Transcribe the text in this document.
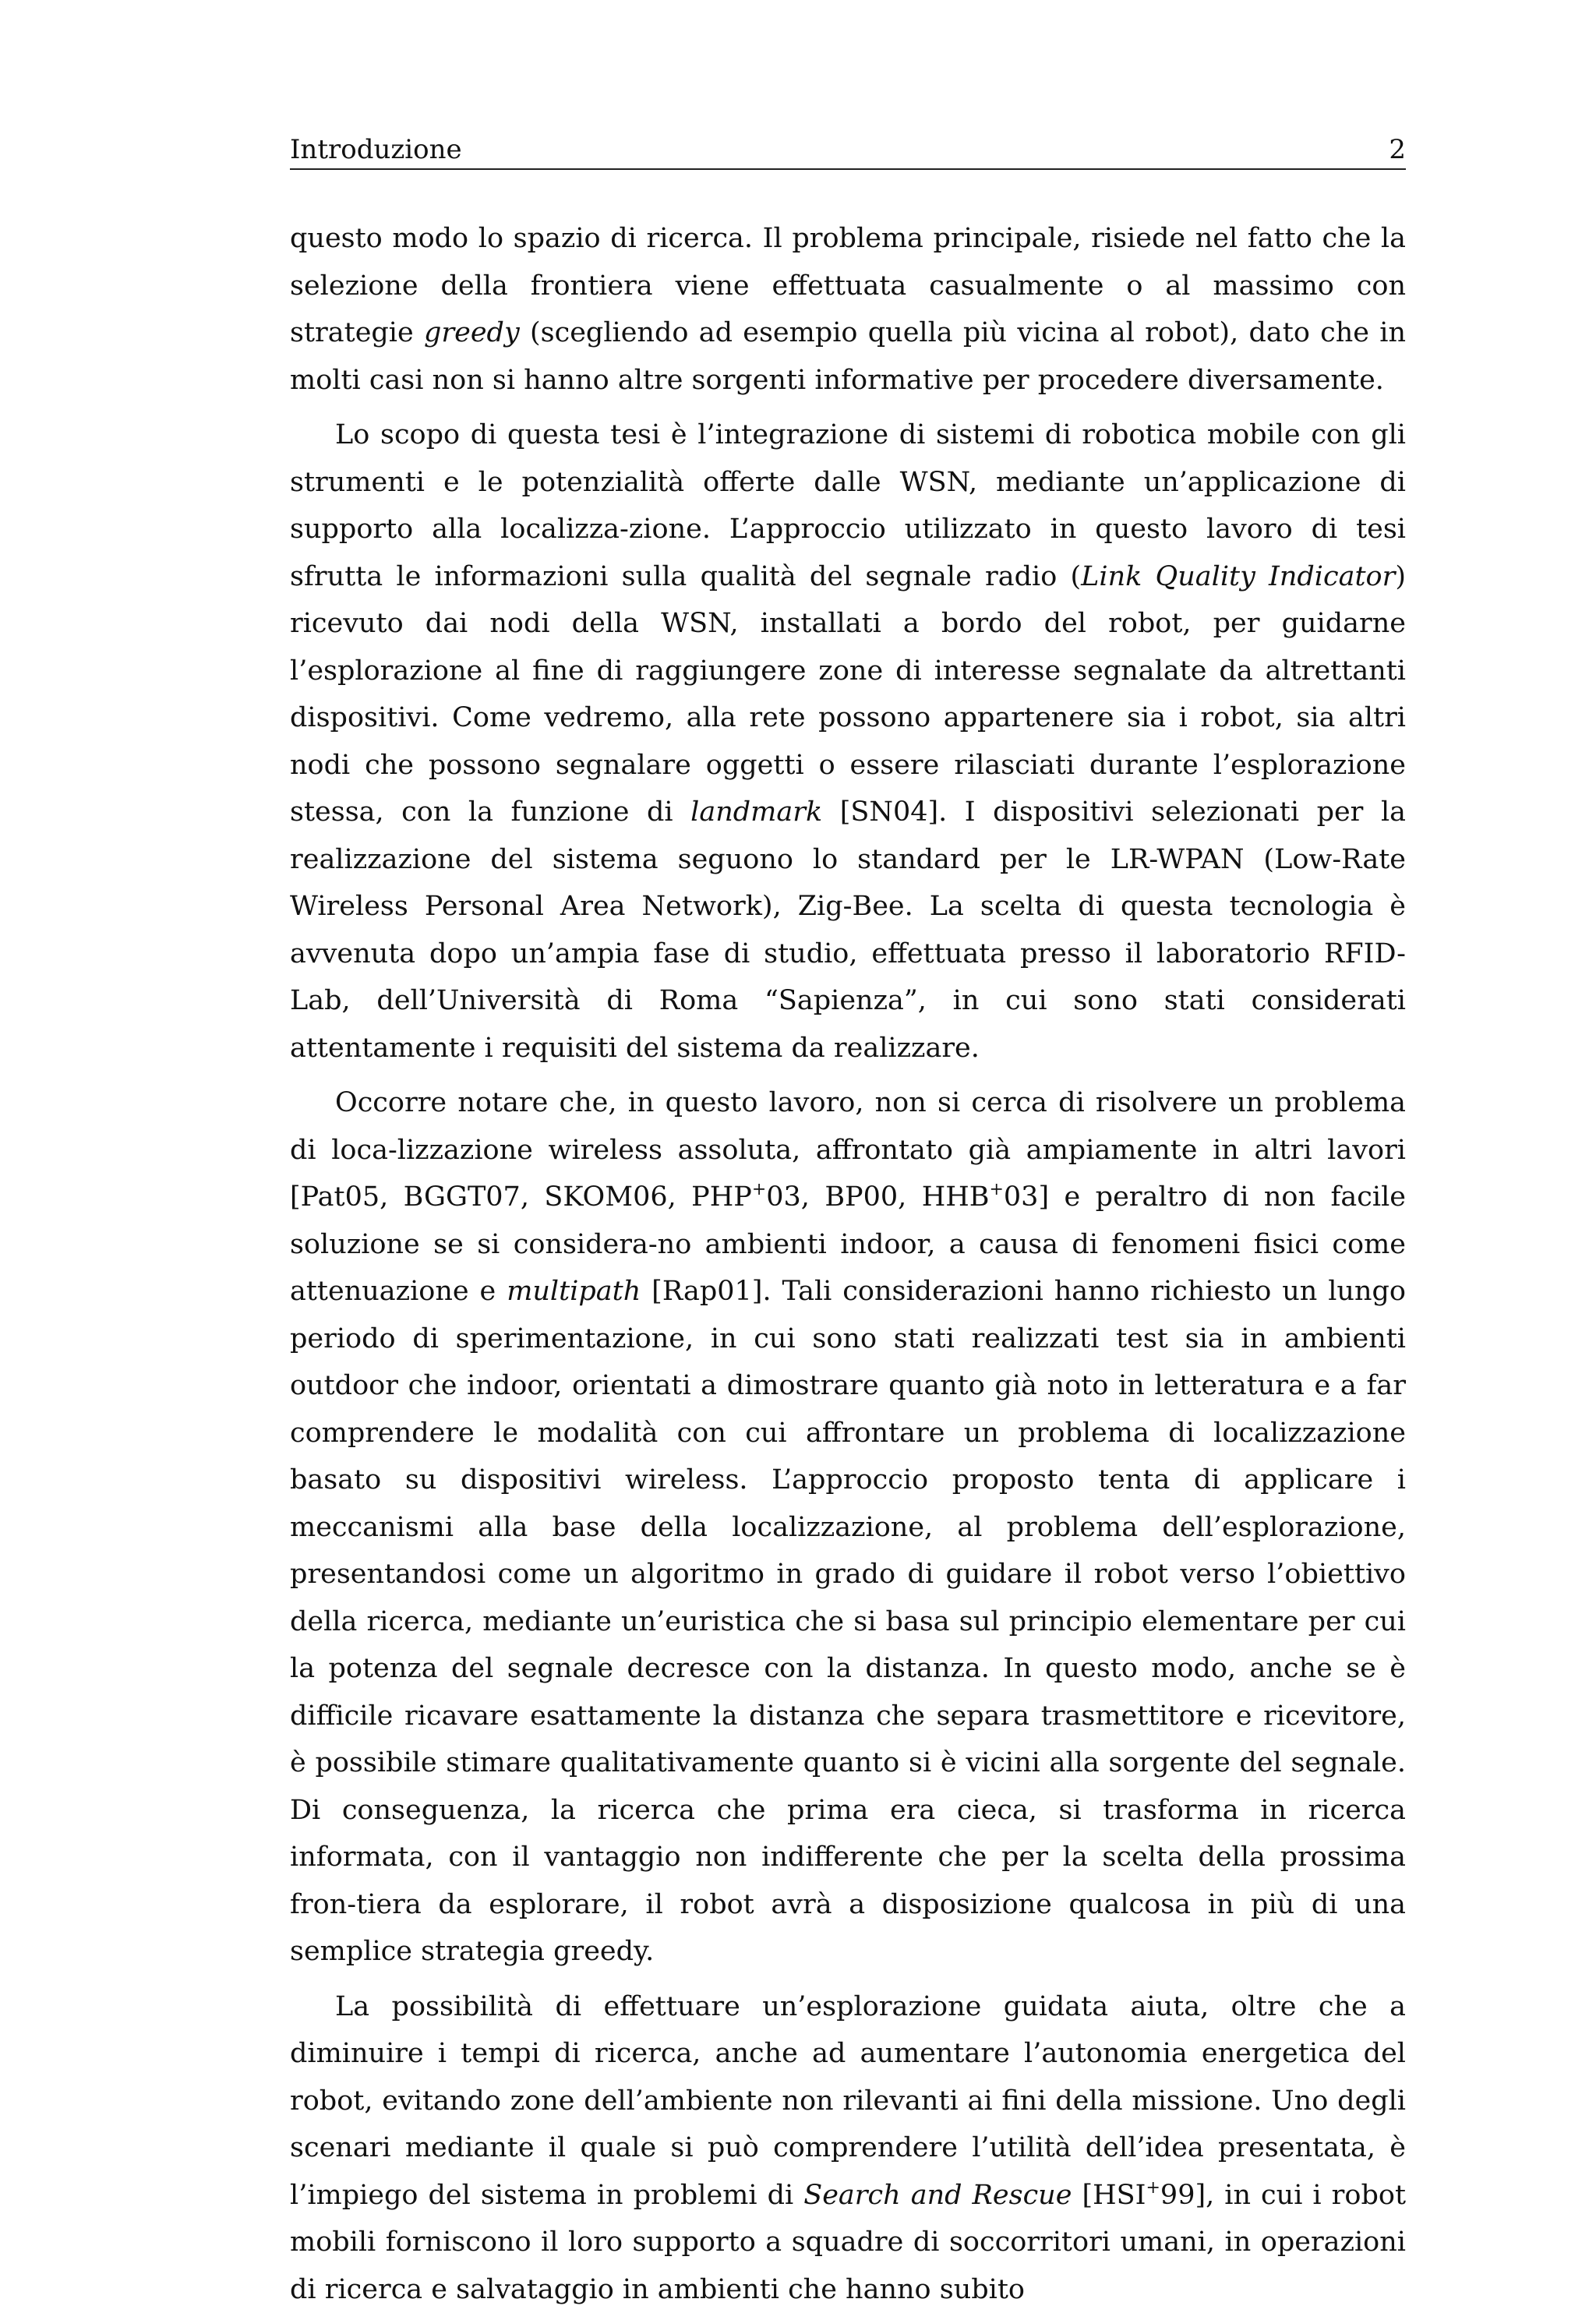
Introduzione	2

questo modo lo spazio di ricerca. Il problema principale, risiede nel fatto che la selezione della frontiera viene effettuata casualmente o al massimo con strategie greedy (scegliendo ad esempio quella più vicina al robot), dato che in molti casi non si hanno altre sorgenti informative per procedere diversamente.

Lo scopo di questa tesi è l’integrazione di sistemi di robotica mobile con gli strumenti e le potenzialità offerte dalle WSN, mediante un’applicazione di supporto alla localizza-zione. L’approccio utilizzato in questo lavoro di tesi sfrutta le informazioni sulla qualità del segnale radio (Link Quality Indicator) ricevuto dai nodi della WSN, installati a bordo del robot, per guidarne l’esplorazione al fine di raggiungere zone di interesse segnalate da altrettanti dispositivi. Come vedremo, alla rete possono appartenere sia i robot, sia altri nodi che possono segnalare oggetti o essere rilasciati durante l’esplorazione stessa, con la funzione di landmark [SN04]. I dispositivi selezionati per la realizzazione del sistema seguono lo standard per le LR-WPAN (Low-Rate Wireless Personal Area Network), Zig-Bee. La scelta di questa tecnologia è avvenuta dopo un’ampia fase di studio, effettuata presso il laboratorio RFID-Lab, dell’Università di Roma “Sapienza”, in cui sono stati considerati attentamente i requisiti del sistema da realizzare.

Occorre notare che, in questo lavoro, non si cerca di risolvere un problema di loca-lizzazione wireless assoluta, affrontato già ampiamente in altri lavori [Pat05, BGGT07, SKOM06, PHP+03, BP00, HHB+03] e peraltro di non facile soluzione se si considera-no ambienti indoor, a causa di fenomeni fisici come attenuazione e multipath [Rap01]. Tali considerazioni hanno richiesto un lungo periodo di sperimentazione, in cui sono stati realizzati test sia in ambienti outdoor che indoor, orientati a dimostrare quanto già noto in letteratura e a far comprendere le modalità con cui affrontare un problema di localizzazione basato su dispositivi wireless. L’approccio proposto tenta di applicare i meccanismi alla base della localizzazione, al problema dell’esplorazione, presentandosi come un algoritmo in grado di guidare il robot verso l’obiettivo della ricerca, mediante un’euristica che si basa sul principio elementare per cui la potenza del segnale decresce con la distanza. In questo modo, anche se è difficile ricavare esattamente la distanza che separa trasmettitore e ricevitore, è possibile stimare qualitativamente quanto si è vicini alla sorgente del segnale. Di conseguenza, la ricerca che prima era cieca, si trasforma in ricerca informata, con il vantaggio non indifferente che per la scelta della prossima fron-tiera da esplorare, il robot avrà a disposizione qualcosa in più di una semplice strategia greedy.

La possibilità di effettuare un’esplorazione guidata aiuta, oltre che a diminuire i tempi di ricerca, anche ad aumentare l’autonomia energetica del robot, evitando zone dell’ambiente non rilevanti ai fini della missione. Uno degli scenari mediante il quale si può comprendere l’utilità dell’idea presentata, è l’impiego del sistema in problemi di Search and Rescue [HSI+99], in cui i robot mobili forniscono il loro supporto a squadre di soccorritori umani, in operazioni di ricerca e salvataggio in ambienti che hanno subito
